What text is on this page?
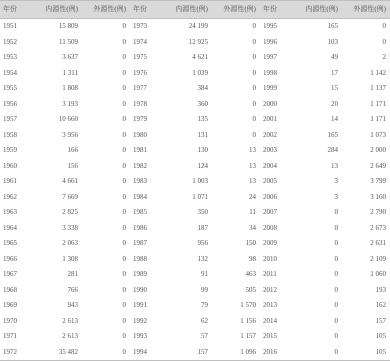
年份	内源性(例)	外源性(例)	年份	内源性(例)	外源性(例)	年份	内源性(例)	外源性(例)
1951	15 809	0	1973	24 199	0	1995	165	0
1952	11 509	0	1974	12 925	0	1996	103	0
1953	3 637	0	1975	4 621	0	1997	49	2
1954	1 311	0	1976	1 039	0	1998	17	1 142
1955	1 808	0	1977	384	0	1999	15	1 137
1956	3 193	0	1978	360	0	2000	20	1 171
1957	10 660	0	1979	135	0	2001	14	1 171
1958	3 956	0	1980	131	0	2002	165	1 073
1959	166	0	1981	130	13	2003	284	2 000
1960	156	0	1982	124	13	2004	13	2 649
1961	4 661	0	1983	1 003	13	2005	3	3 799
1962	7 669	0	1984	1 071	24	2006	3	3 160
1963	2 825	0	1985	350	11	2007	0	2 790
1964	3 338	0	1986	187	34	2008	0	2 673
1965	2 063	0	1987	956	150	2009	0	2 631
1966	1 308	0	1988	132	98	2010	0	2 109
1967	281	0	1989	91	463	2011	0	1 060
1968	766	0	1990	99	505	2012	0	193
1969	943	0	1991	79	1 570	2013	0	162
1970	2 613	0	1992	62	1 156	2014	0	157
1971	2 613	0	1993	57	1 157	2015	0	105
1972	35 482	0	1994	157	1 096	2016	0	105
